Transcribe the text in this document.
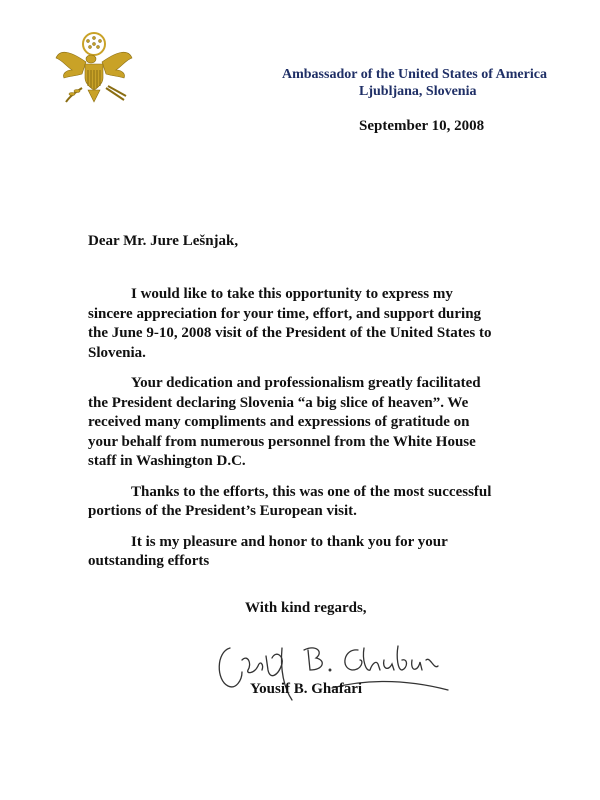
Ambassador of the United States of America
Ljubljana, Slovenia
September 10, 2008
Dear Mr. Jure Lešnjak,

I would like to take this opportunity to express my
sincere appreciation for your time, effort, and support during
the June 9-10, 2008 visit of the President of the United States to
Slovenia.

Your dedication and professionalism greatly facilitated
the President declaring Slovenia “a big slice of heaven”. We
received many compliments and expressions of gratitude on
your behalf from numerous personnel from the White House
staff in Washington D.C.

Thanks to the efforts, this was one of the most successful
portions of the President’s European visit.

It is my pleasure and honor to thank you for your
outstanding efforts

With kind regards,
Yousif B. Ghafari
